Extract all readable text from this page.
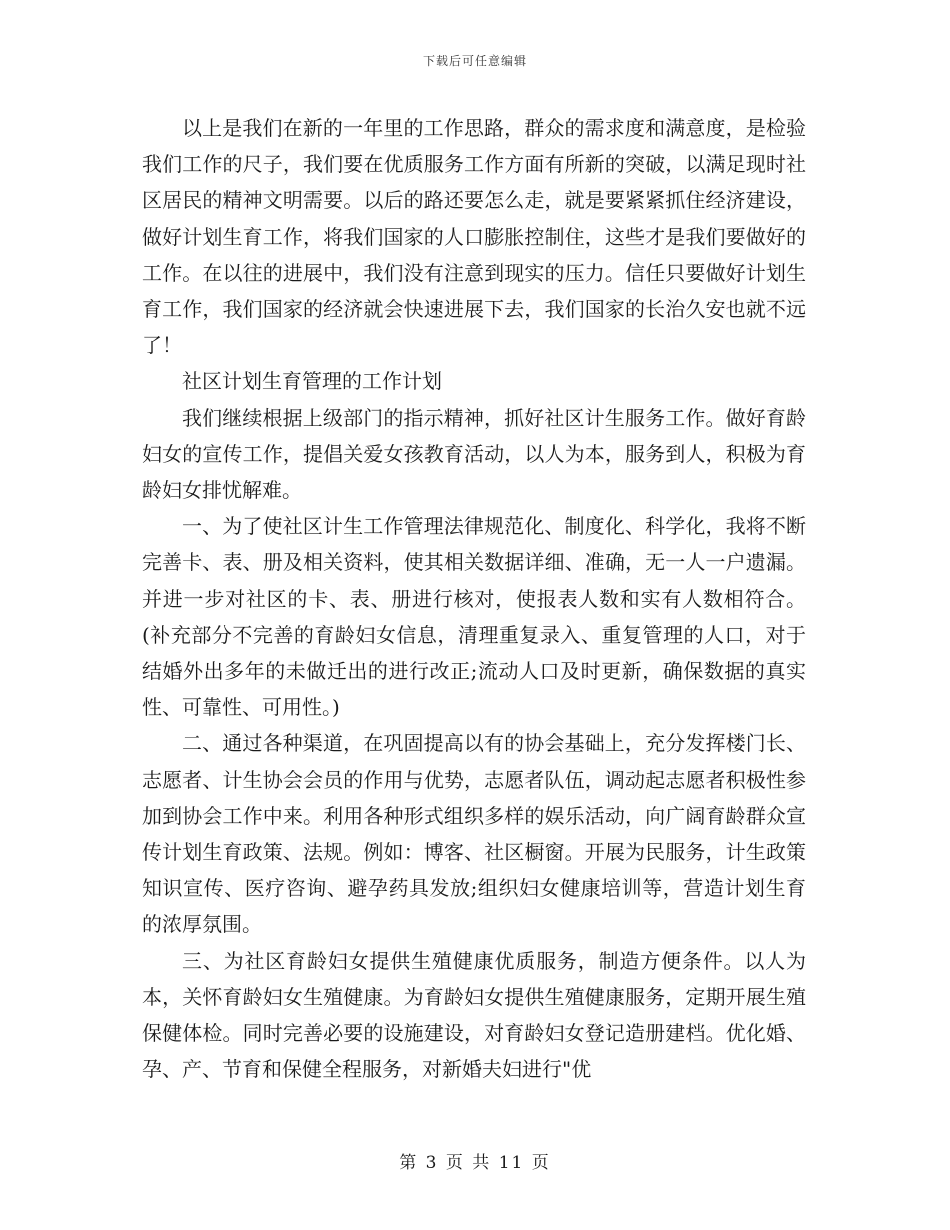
下载后可任意编辑

以上是我们在新的一年里的工作思路，群众的需求度和满意度，是检验我们工作的尺子，我们要在优质服务工作方面有所新的突破，以满足现时社区居民的精神文明需要。以后的路还要怎么走，就是要紧紧抓住经济建设，做好计划生育工作，将我们国家的人口膨胀控制住，这些才是我们要做好的工作。在以往的进展中，我们没有注意到现实的压力。信任只要做好计划生育工作，我们国家的经济就会快速进展下去，我们国家的长治久安也就不远了！

社区计划生育管理的工作计划

我们继续根据上级部门的指示精神，抓好社区计生服务工作。做好育龄妇女的宣传工作，提倡关爱女孩教育活动，以人为本，服务到人，积极为育龄妇女排忧解难。

一、为了使社区计生工作管理法律规范化、制度化、科学化，我将不断完善卡、表、册及相关资料，使其相关数据详细、准确，无一人一户遗漏。并进一步对社区的卡、表、册进行核对，使报表人数和实有人数相符合。(补充部分不完善的育龄妇女信息，清理重复录入、重复管理的人口，对于结婚外出多年的未做迁出的进行改正;流动人口及时更新，确保数据的真实性、可靠性、可用性。)

二、通过各种渠道，在巩固提高以有的协会基础上，充分发挥楼门长、志愿者、计生协会会员的作用与优势，志愿者队伍，调动起志愿者积极性参加到协会工作中来。利用各种形式组织多样的娱乐活动，向广阔育龄群众宣传计划生育政策、法规。例如：博客、社区橱窗。开展为民服务，计生政策知识宣传、医疗咨询、避孕药具发放;组织妇女健康培训等，营造计划生育的浓厚氛围。

三、为社区育龄妇女提供生殖健康优质服务，制造方便条件。以人为本，关怀育龄妇女生殖健康。为育龄妇女提供生殖健康服务，定期开展生殖保健体检。同时完善必要的设施建设，对育龄妇女登记造册建档。优化婚、孕、产、节育和保健全程服务，对新婚夫妇进行"优

第 3 页 共 11 页
